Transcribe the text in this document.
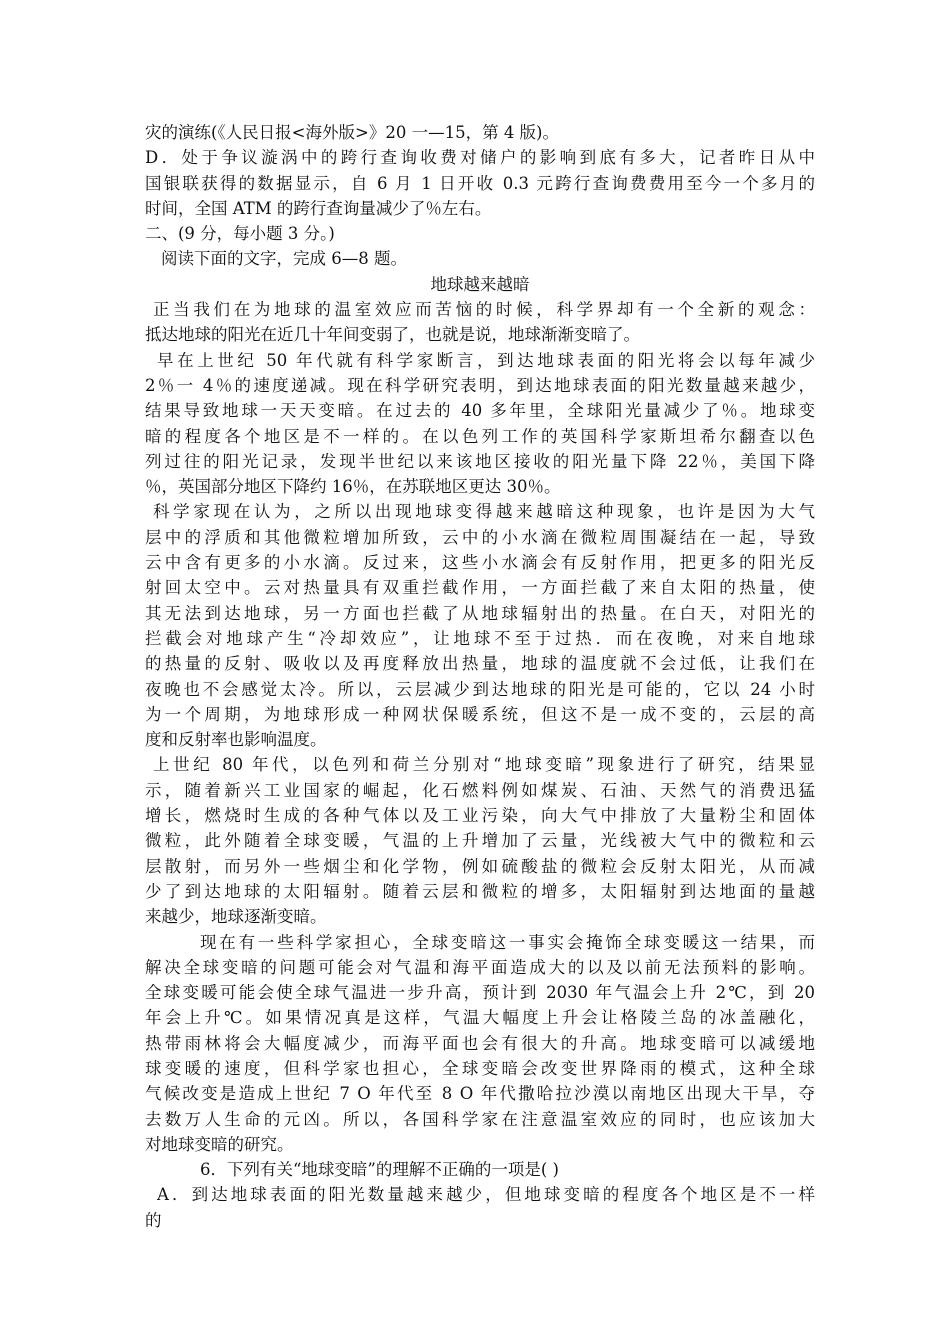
灾的演练(《人民日报<海外版>》20 一—15，第 4 版)。
D．处于争议漩涡中的跨行查询收费对储户的影响到底有多大，记者昨日从中
国银联获得的数据显示，自 6 月 1 日开收 0.3 元跨行查询费费用至今一个多月的
时间，全国 ATM 的跨行查询量减少了％左右。
二、(9 分，每小题 3 分。)
阅读下面的文字，完成 6—8 题。
地球越来越暗
正当我们在为地球的温室效应而苦恼的时候，科学界却有一个全新的观念：
抵达地球的阳光在近几十年间变弱了，也就是说，地球渐渐变暗了。
早在上世纪 50 年代就有科学家断言，到达地球表面的阳光将会以每年减少
2％一 4％的速度递减。现在科学研究表明，到达地球表面的阳光数量越来越少，
结果导致地球一天天变暗。在过去的 40 多年里，全球阳光量减少了％。地球变
暗的程度各个地区是不一样的。在以色列工作的英国科学家斯坦希尔翻查以色
列过往的阳光记录，发现半世纪以来该地区接收的阳光量下降 22％，美国下降
％，英国部分地区下降约 16％，在苏联地区更达 30％。
科学家现在认为，之所以出现地球变得越来越暗这种现象，也许是因为大气
层中的浮质和其他微粒增加所致，云中的小水滴在微粒周围凝结在一起，导致
云中含有更多的小水滴。反过来，这些小水滴会有反射作用，把更多的阳光反
射回太空中。云对热量具有双重拦截作用，一方面拦截了来自太阳的热量，使
其无法到达地球，另一方面也拦截了从地球辐射出的热量。在白天，对阳光的
拦截会对地球产生“冷却效应”，让地球不至于过热．而在夜晚，对来自地球
的热量的反射、吸收以及再度释放出热量，地球的温度就不会过低，让我们在
夜晚也不会感觉太冷。所以，云层减少到达地球的阳光是可能的，它以 24 小时
为一个周期，为地球形成一种网状保暖系统，但这不是一成不变的，云层的高
度和反射率也影响温度。
上世纪 80 年代，以色列和荷兰分别对“地球变暗”现象进行了研究，结果显
示，随着新兴工业国家的崛起，化石燃料例如煤炭、石油、天然气的消费迅猛
增长，燃烧时生成的各种气体以及工业污染，向大气中排放了大量粉尘和固体
微粒，此外随着全球变暖，气温的上升增加了云量，光线被大气中的微粒和云
层散射，而另外一些烟尘和化学物，例如硫酸盐的微粒会反射太阳光，从而减
少了到达地球的太阳辐射。随着云层和微粒的增多，太阳辐射到达地面的量越
来越少，地球逐渐变暗。
现在有一些科学家担心，全球变暗这一事实会掩饰全球变暖这一结果，而
解决全球变暗的问题可能会对气温和海平面造成大的以及以前无法预料的影响。
全球变暖可能会使全球气温进一步升高，预计到 2030 年气温会上升 2℃，到 20
年会上升℃。如果情况真是这样，气温大幅度上升会让格陵兰岛的冰盖融化，
热带雨林将会大幅度减少，而海平面也会有很大的升高。地球变暗可以减缓地
球变暖的速度，但科学家也担心，全球变暗会改变世界降雨的模式，这种全球
气候改变是造成上世纪 7 O 年代至 8 O 年代撒哈拉沙漠以南地区出现大干旱，夺
去数万人生命的元凶。所以，各国科学家在注意温室效应的同时，也应该加大
对地球变暗的研究。
6．下列有关“地球变暗”的理解不正确的一项是( )
A．到达地球表面的阳光数量越来越少，但地球变暗的程度各个地区是不一样
的
